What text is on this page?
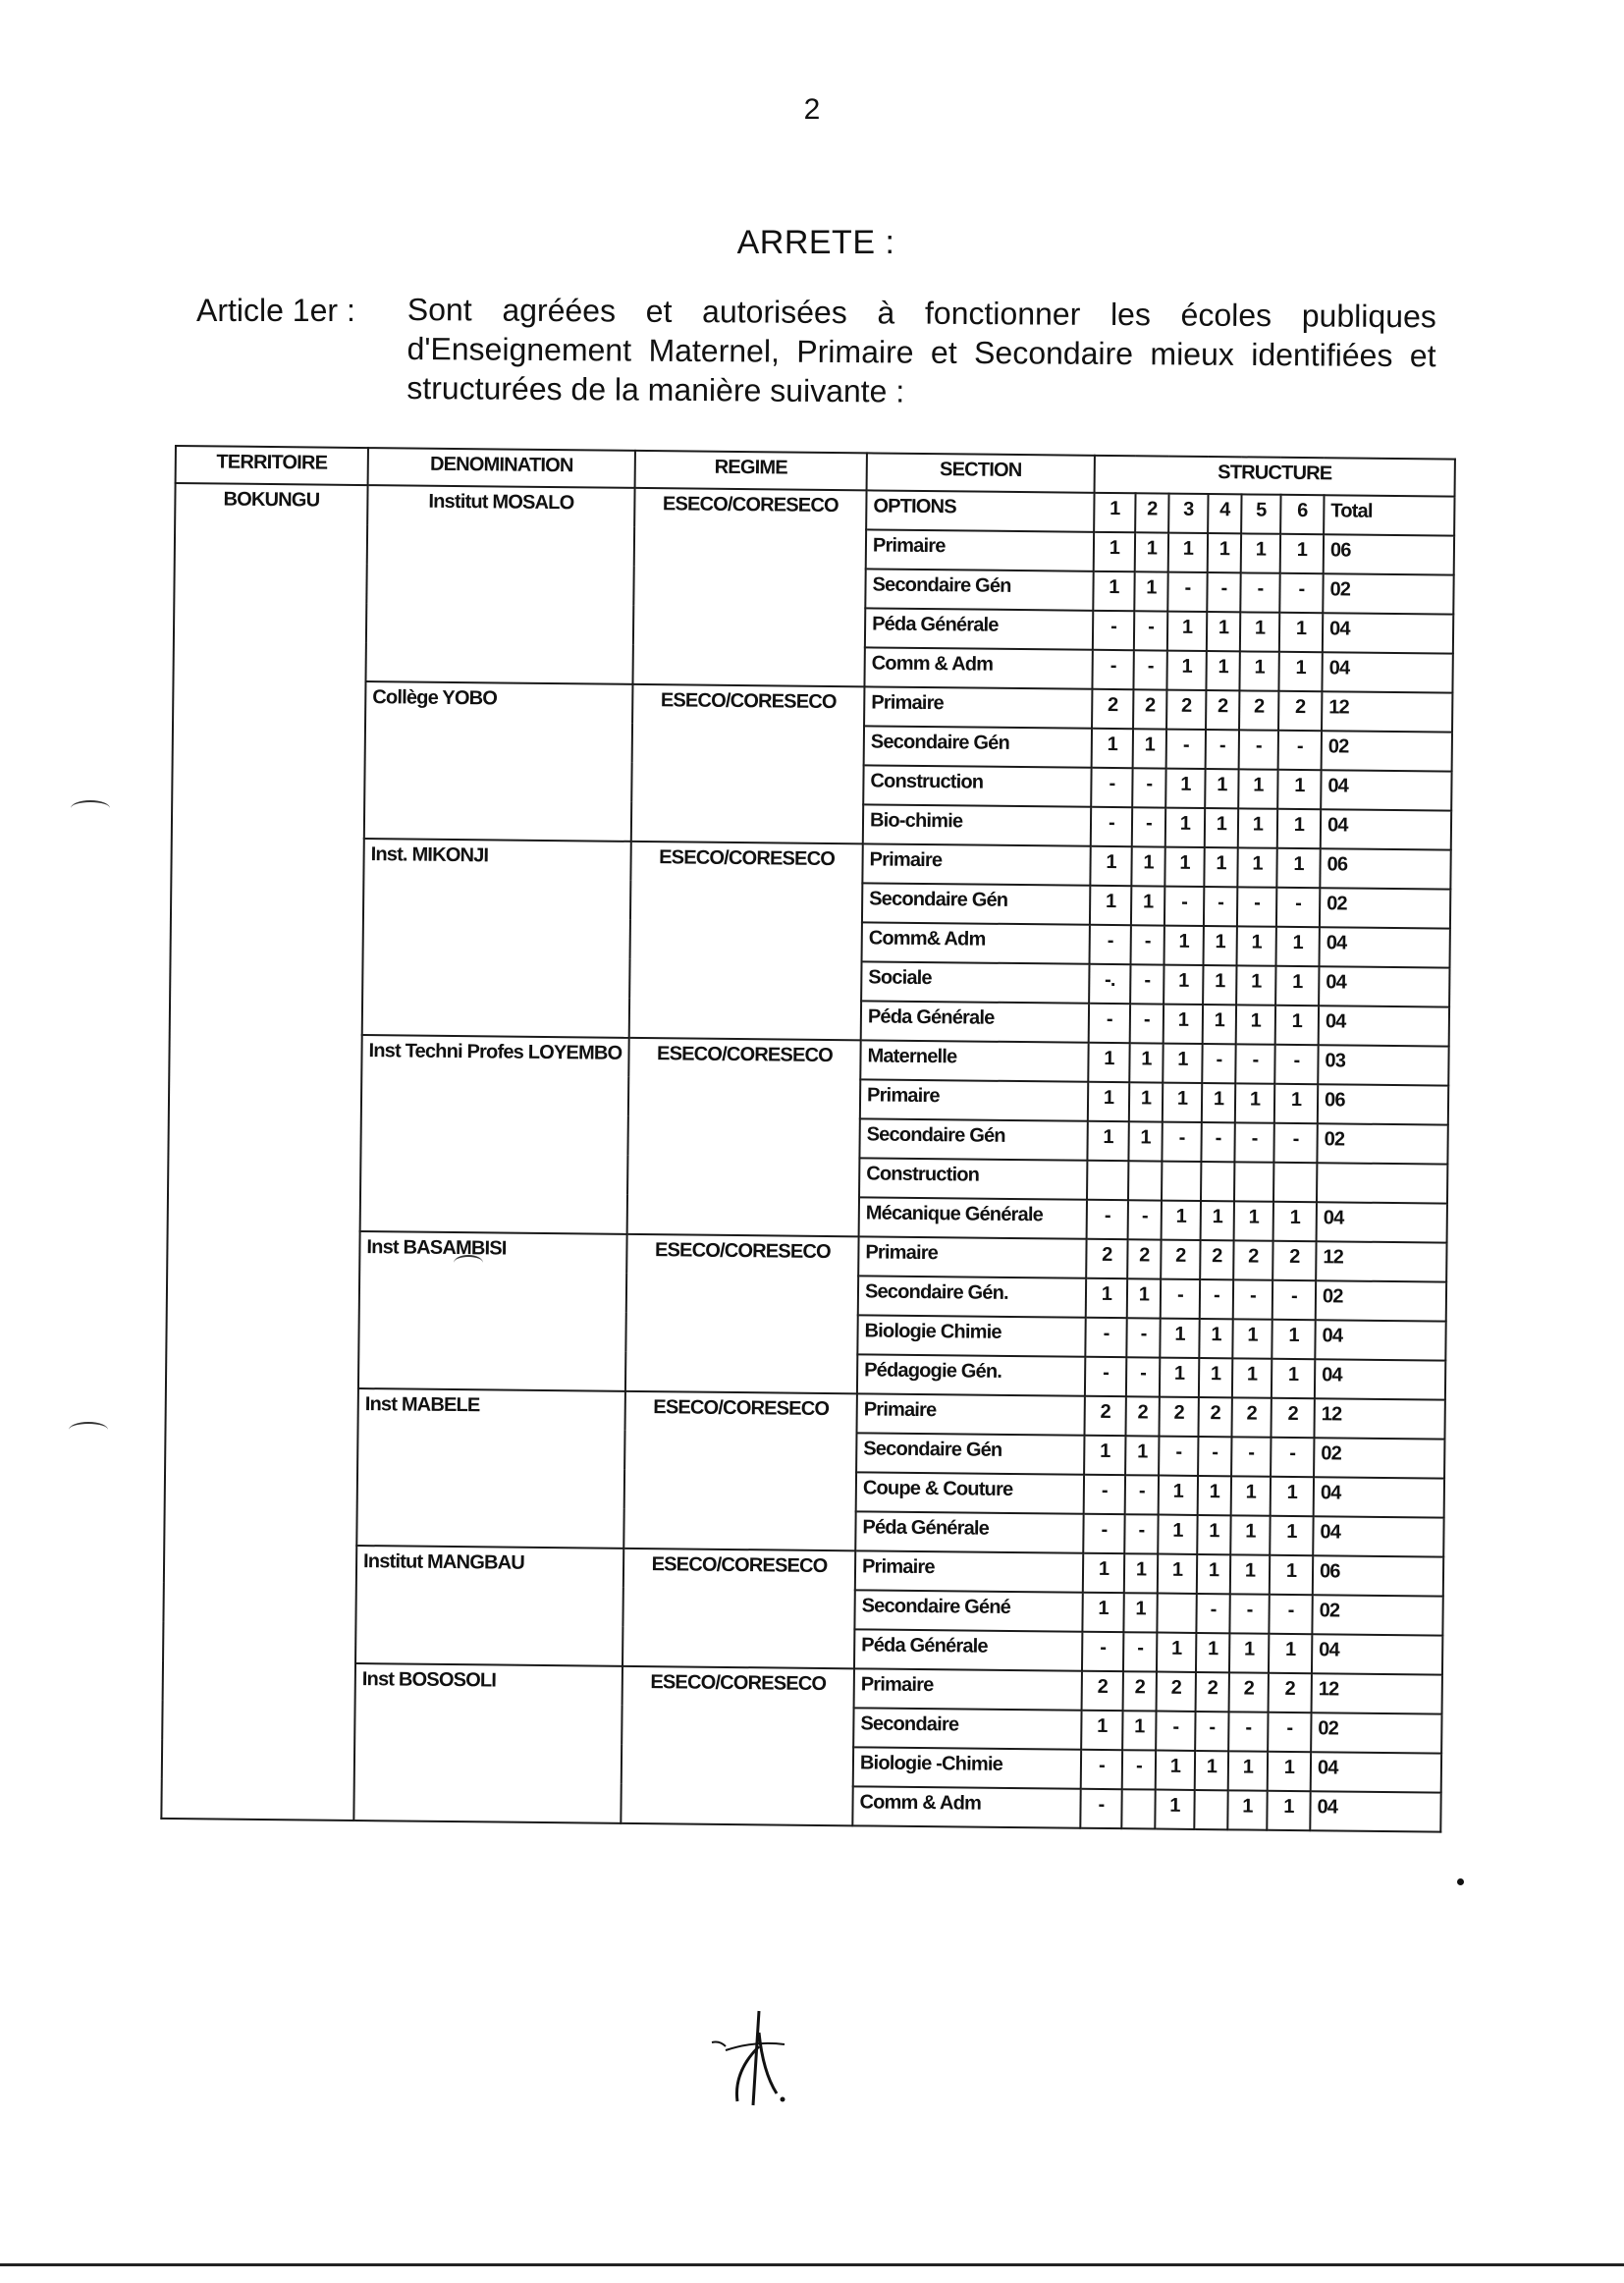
2
ARRETE :
Article 1er : Sont agréées et autorisées à fonctionner les écoles publiques d'Enseignement Maternel, Primaire et Secondaire mieux identifiées et structurées de la manière suivante :
TERRITOIRE	DENOMINATION	REGIME	SECTION	STRUCTURE						
BOKUNGU	Institut MOSALO	ESECO/CORESECO	OPTIONS	1	2	3	4	5	6	Total
			Primaire	1	1	1	1	1	1	06
			Secondaire Gén	1	1	-	-	-	-	02
			Péda Générale	-	-	1	1	1	1	04
			Comm & Adm	-	-	1	1	1	1	04
	Collège YOBO	ESECO/CORESECO	Primaire	2	2	2	2	2	2	12
			Secondaire Gén	1	1	-	-	-	-	02
			Construction	-	-	1	1	1	1	04
			Bio-chimie	-	-	1	1	1	1	04
	Inst. MIKONJI	ESECO/CORESECO	Primaire	1	1	1	1	1	1	06
			Secondaire Gén	1	1	-	-	-	-	02
			Comm& Adm	-	-	1	1	1	1	04
			Sociale	-.	-	1	1	1	1	04
			Péda Générale	-	-	1	1	1	1	04
	Inst Techni Profes LOYEMBO	ESECO/CORESECO	Maternelle	1	1	1	-	-	-	03
			Primaire	1	1	1	1	1	1	06
			Secondaire Gén	1	1	-	-	-	-	02
			Construction							
			Mécanique Générale	-	-	1	1	1	1	04
	Inst BASAMBISI	ESECO/CORESECO	Primaire	2	2	2	2	2	2	12
			Secondaire Gén.	1	1	-	-	-	-	02
			Biologie Chimie	-	-	1	1	1	1	04
			Pédagogie Gén.	-	-	1	1	1	1	04
	Inst MABELE	ESECO/CORESECO	Primaire	2	2	2	2	2	2	12
			Secondaire Gén	1	1	-	-	-	-	02
			Coupe & Couture	-	-	1	1	1	1	04
			Péda Générale	-	-	1	1	1	1	04
	Institut MANGBAU	ESECO/CORESECO	Primaire	1	1	1	1	1	1	06
			Secondaire Géné	1	1		-	-	-	02
			Péda Générale	-	-	1	1	1	1	04
	Inst BOSOSOLI	ESECO/CORESECO	Primaire	2	2	2	2	2	2	12
			Secondaire	1	1	-	-	-	-	02
			Biologie -Chimie	-	-	1	1	1	1	04
			Comm & Adm	-		1		1	1	04
